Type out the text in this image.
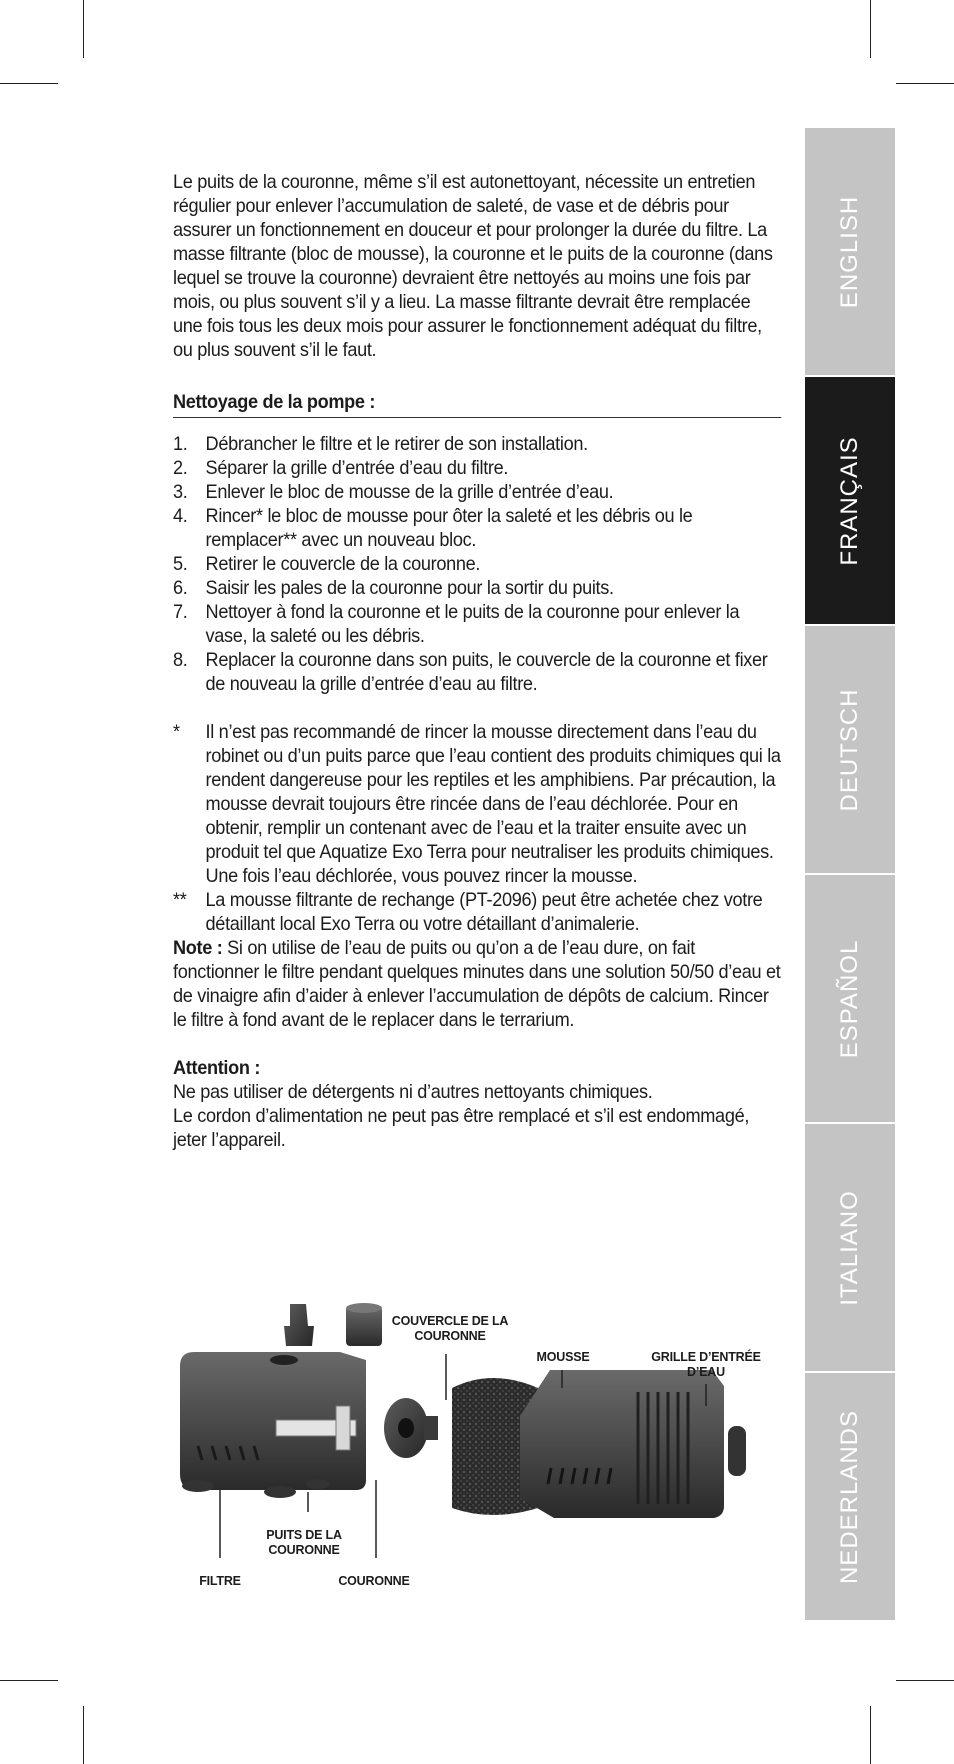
Le puits de la couronne, même s’il est autonettoyant, nécessite un entretien régulier pour enlever l’accumulation de saleté, de vase et de débris pour assurer un fonctionnement en douceur et pour prolonger la durée du filtre. La masse filtrante (bloc de mousse), la couronne et le puits de la couronne (dans lequel se trouve la couronne) devraient être nettoyés au moins une fois par mois, ou plus souvent s’il y a lieu. La masse filtrante devrait être remplacée une fois tous les deux mois pour assurer le fonctionnement adéquat du filtre, ou plus souvent s’il le faut.

Nettoyage de la pompe :
1. Débrancher le filtre et le retirer de son installation.
2. Séparer la grille d’entrée d’eau du filtre.
3. Enlever le bloc de mousse de la grille d’entrée d’eau.
4. Rincer* le bloc de mousse pour ôter la saleté et les débris ou le remplacer** avec un nouveau bloc.
5. Retirer le couvercle de la couronne.
6. Saisir les pales de la couronne pour la sortir du puits.
7. Nettoyer à fond la couronne et le puits de la couronne pour enlever la vase, la saleté ou les débris.
8. Replacer la couronne dans son puits, le couvercle de la couronne et fixer de nouveau la grille d’entrée d’eau au filtre.
* Il n’est pas recommandé de rincer la mousse directement dans l’eau du robinet ou d’un puits parce que l’eau contient des produits chimiques qui la rendent dangereuse pour les reptiles et les amphibiens. Par précaution, la mousse devrait toujours être rincée dans de l’eau déchlorée. Pour en obtenir, remplir un contenant avec de l’eau et la traiter ensuite avec un produit tel que Aquatize Exo Terra pour neutraliser les produits chimiques. Une fois l’eau déchlorée, vous pouvez rincer la mousse.
** La mousse filtrante de rechange (PT-2096) peut être achetée chez votre détaillant local Exo Terra ou votre détaillant d’animalerie.

Note : Si on utilise de l’eau de puits ou qu’on a de l’eau dure, on fait fonctionner le filtre pendant quelques minutes dans une solution 50/50 d’eau et de vinaigre afin d’aider à enlever l’accumulation de dépôts de calcium. Rincer le filtre à fond avant de le replacer dans le terrarium.

Attention :
Ne pas utiliser de détergents ni d’autres nettoyants chimiques.
Le cordon d’alimentation ne peut pas être remplacé et s’il est endommagé, jeter l’appareil.
COUVERCLE DE LA
COURONNE
MOUSSE	GRILLE D’ENTRÉE
D’EAU
PUITS DE LA
COURONNE
FILTRE	COURONNE
ENGLISH
FRANÇAIS
DEUTSCH
ESPAÑOL
ITALIANO
NEDERLANDS
